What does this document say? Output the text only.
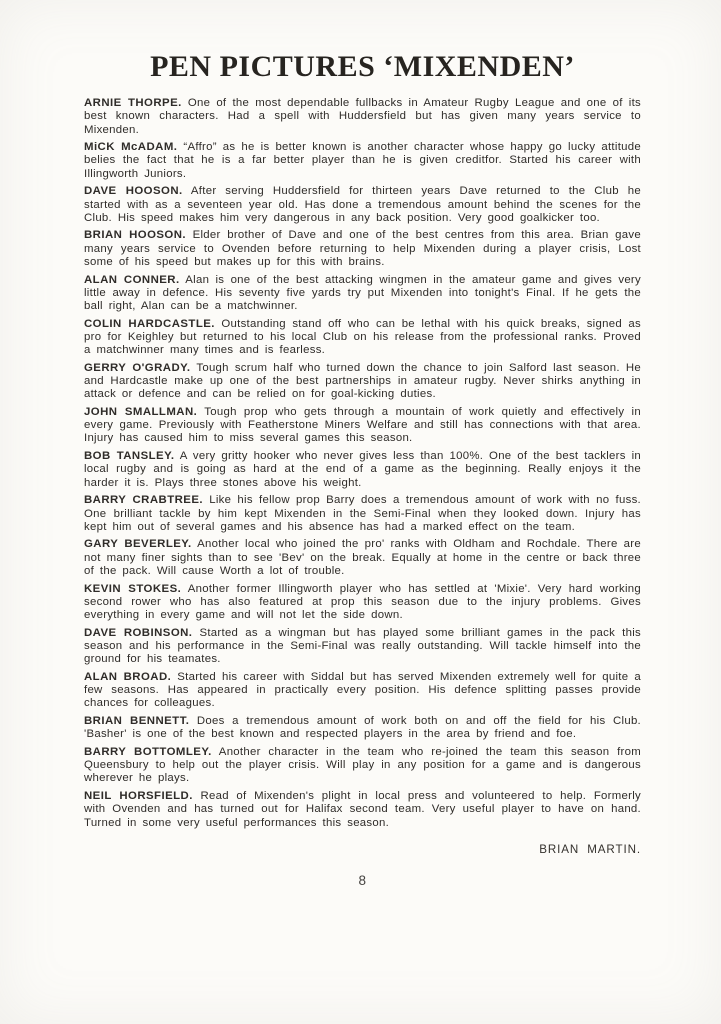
PEN PICTURES ‘MIXENDEN’

ARNIE THORPE. One of the most dependable fullbacks in Amateur Rugby League and one of its best known characters. Had a spell with Huddersfield but has given many years service to Mixenden.

MiCK McADAM. “Affro” as he is better known is another character whose happy go lucky attitude belies the fact that he is a far better player than he is given creditfor. Started his career with Illingworth Juniors.

DAVE HOOSON. After serving Huddersfield for thirteen years Dave returned to the Club he started with as a seventeen year old. Has done a tremendous amount behind the scenes for the Club. His speed makes him very dangerous in any back position. Very good goalkicker too.

BRIAN HOOSON. Elder brother of Dave and one of the best centres from this area. Brian gave many years service to Ovenden before returning to help Mixenden during a player crisis, Lost some of his speed but makes up for this with brains.

ALAN CONNER. Alan is one of the best attacking wingmen in the amateur game and gives very little away in defence. His seventy five yards try put Mixenden into tonight's Final. If he gets the ball right, Alan can be a matchwinner.

COLIN HARDCASTLE. Outstanding stand off who can be lethal with his quick breaks, signed as pro for Keighley but returned to his local Club on his release from the professional ranks. Proved a matchwinner many times and is fearless.

GERRY O'GRADY. Tough scrum half who turned down the chance to join Salford last season. He and Hardcastle make up one of the best partnerships in amateur rugby. Never shirks anything in attack or defence and can be relied on for goal-kicking duties.

JOHN SMALLMAN. Tough prop who gets through a mountain of work quietly and effectively in every game. Previously with Featherstone Miners Welfare and still has connections with that area. Injury has caused him to miss several games this season.

BOB TANSLEY. A very gritty hooker who never gives less than 100%. One of the best tacklers in local rugby and is going as hard at the end of a game as the beginning. Really enjoys it the harder it is. Plays three stones above his weight.

BARRY CRABTREE. Like his fellow prop Barry does a tremendous amount of work with no fuss. One brilliant tackle by him kept Mixenden in the Semi-Final when they looked down. Injury has kept him out of several games and his absence has had a marked effect on the team.

GARY BEVERLEY. Another local who joined the pro' ranks with Oldham and Rochdale. There are not many finer sights than to see 'Bev' on the break. Equally at home in the centre or back three of the pack. Will cause Worth a lot of trouble.

KEVIN STOKES. Another former Illingworth player who has settled at 'Mixie'. Very hard working second rower who has also featured at prop this season due to the injury problems. Gives everything in every game and will not let the side down.

DAVE ROBINSON. Started as a wingman but has played some brilliant games in the pack this season and his performance in the Semi-Final was really outstanding. Will tackle himself into the ground for his teamates.

ALAN BROAD. Started his career with Siddal but has served Mixenden extremely well for quite a few seasons. Has appeared in practically every position. His defence splitting passes provide chances for colleagues.

BRIAN BENNETT. Does a tremendous amount of work both on and off the field for his Club. 'Basher' is one of the best known and respected players in the area by friend and foe.

BARRY BOTTOMLEY. Another character in the team who re-joined the team this season from Queensbury to help out the player crisis. Will play in any position for a game and is dangerous wherever he plays.

NEIL HORSFIELD. Read of Mixenden's plight in local press and volunteered to help. Formerly with Ovenden and has turned out for Halifax second team. Very useful player to have on hand. Turned in some very useful performances this season.

BRIAN MARTIN.
8
